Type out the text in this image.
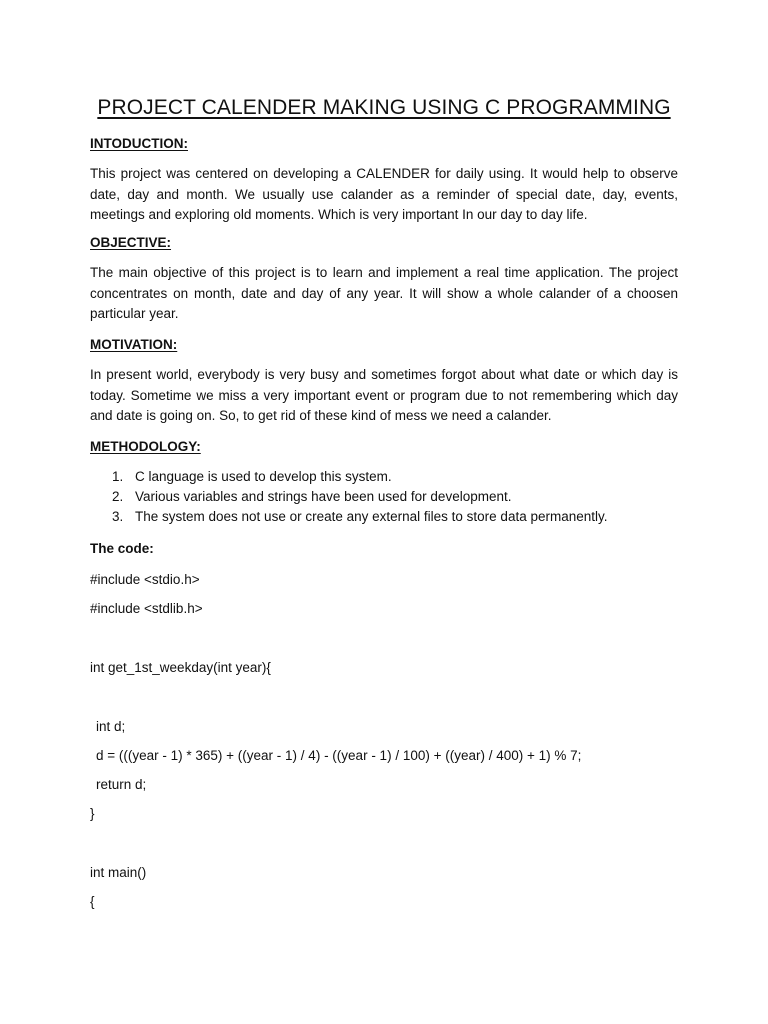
PROJECT CALENDER MAKING USING C PROGRAMMING
INTODUCTION:
This project was centered on developing a CALENDER for daily using. It would help to observe date, day and month. We usually use calander as a reminder of special date, day, events, meetings and exploring old moments. Which is very important In our day to day life.
OBJECTIVE:
The main objective of this project is to learn and implement a real time application. The project concentrates on month, date and day of any year. It will show a whole calander of a choosen particular year.
MOTIVATION:
In present world, everybody is very busy and sometimes forgot about what date or which day is today. Sometime we miss a very important event or program due to not remembering which day and date is going on. So, to get rid of these kind of mess we need a calander.
METHODOLOGY:
1. C language is used to develop this system.
2. Various variables and strings have been used for development.
3. The system does not use or create any external files to store data permanently.
The code:
#include <stdio.h>
#include <stdlib.h>
int get_1st_weekday(int year){
int d;
d = (((year - 1) * 365) + ((year - 1) / 4) - ((year - 1) / 100) + ((year) / 400) + 1) % 7;
return d;
}
int main()
{
